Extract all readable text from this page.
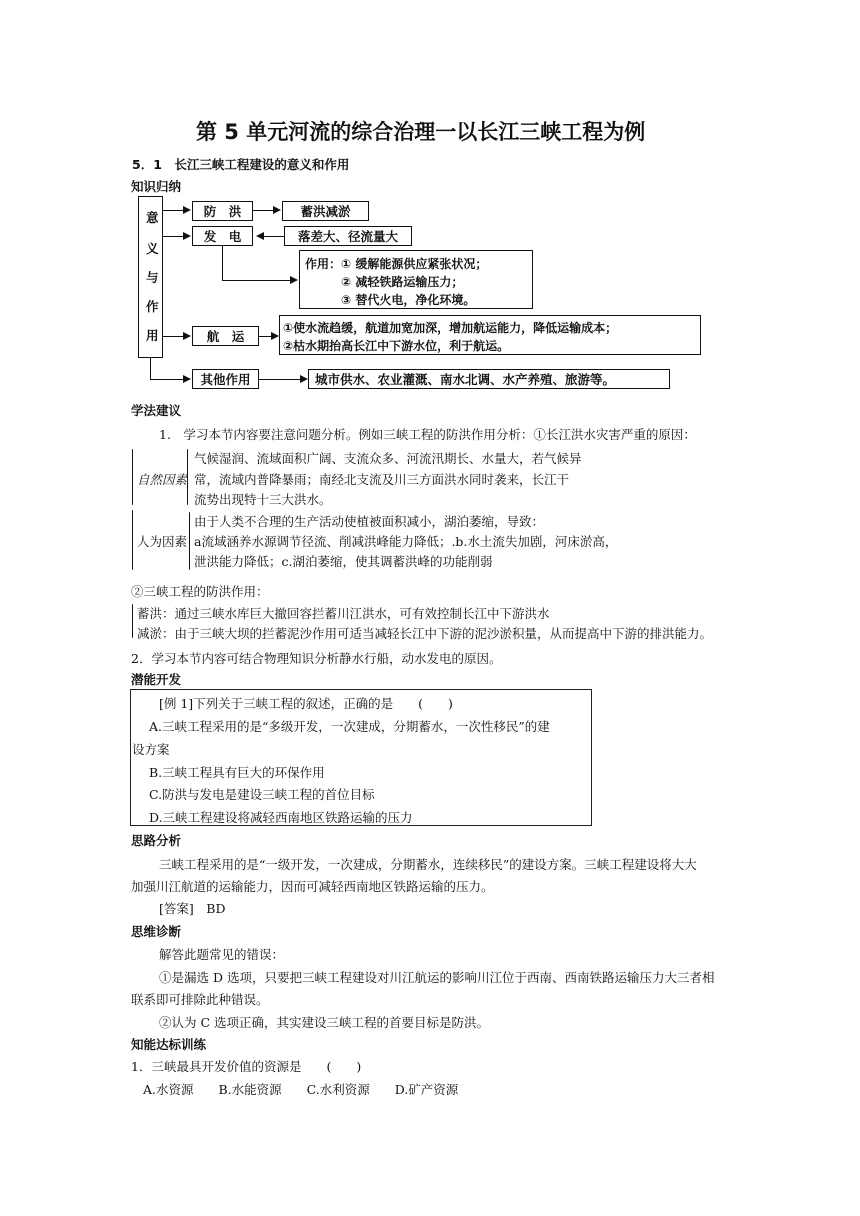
第 5 单元河流的综合治理一以长江三峡工程为例
5．1　长江三峡工程建设的意义和作用
知识归纳
意
义
与
作
用
防　洪	蓄洪减淤
发　电	落差大、径流量大
作用：① 缓解能源供应紧张状况；
② 减轻铁路运输压力；
③ 替代火电，净化环境。
航　运
①使水流趋缓，航道加宽加深，增加航运能力，降低运输成本；
②枯水期抬高长江中下游水位，利于航运。
其他作用	城市供水、农业灌溉、南水北调、水产养殖、旅游等。
学法建议
1.　学习本节内容要注意问题分析。例如三峡工程的防洪作用分析：①长江洪水灾害严重的原因：
自然因素
气候湿润、流域面积广阔、支流众多、河流汛期长、水量大，若气候异
常，流域内普降暴雨；南经北支流及川三方面洪水同时袭来，长江干
流势出现特十三大洪水。
人为因素
由于人类不合理的生产活动使植被面积减小，湖泊萎缩，导致：
a流域涵养水源调节径流、削减洪峰能力降低；.b.水土流失加剧，河床淤高，
泄洪能力降低；c.湖泊萎缩，使其调蓄洪峰的功能削弱
②三峡工程的防洪作用：
蓄洪：通过三峡水库巨大撤回容拦蓄川江洪水，可有效控制长江中下游洪水
减淤：由于三峡大坝的拦蓄泥沙作用可适当减轻长江中下游的泥沙淤积量，从而提高中下游的排洪能力。
2．学习本节内容可结合物理知识分析静水行船，动水发电的原因。
潜能开发
[例 1]下列关于三峡工程的叙述，正确的是　　(　　)
A.三峡工程采用的是“多级开发，一次建成，分期蓄水，一次性移民”的建
设方案
B.三峡工程具有巨大的环保作用
C.防洪与发电是建设三峡工程的首位目标
D.三峡工程建设将减轻西南地区铁路运输的压力
思路分析
三峡工程采用的是“一级开发，一次建成，分期蓄水，连续移民”的建设方案。三峡工程建设将大大
加强川江航道的运输能力，因而可减轻西南地区铁路运输的压力。
[答案]　BD
思维诊断
解答此题常见的错误：
①是漏选 D 选项，只要把三峡工程建设对川江航运的影响川江位于西南、西南铁路运输压力大三者相
联系即可排除此种错误。
②认为 C 选项正确，其实建设三峡工程的首要目标是防洪。
知能达标训练
1．三峡最具开发价值的资源是　　(　　)
A.水资源　　B.水能资源　　C.水利资源　　D.矿产资源
